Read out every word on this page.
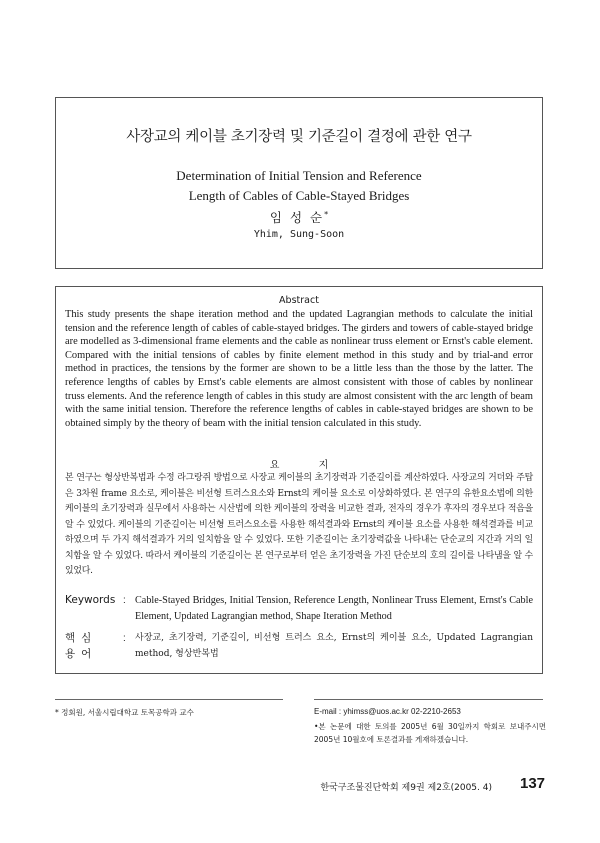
사장교의 케이블 초기장력 및 기준길이 결정에 관한 연구
Determination of Initial Tension and Reference
Length of Cables of Cable-Stayed Bridges
임 성 순*
Yhim, Sung-Soon
Abstract

This study presents the shape iteration method and the updated Lagrangian methods to calculate the initial tension and the reference length of cables of cable-stayed bridges. The girders and towers of cable-stayed bridge are modelled as 3-dimensional frame elements and the cable as nonlinear truss element or Ernst's cable element. Compared with the initial tensions of cables by finite element method in this study and by trial-and error method in practices, the tensions by the former are shown to be a little less than the those by the latter. The reference lengths of cables by Ernst's cable elements are almost consistent with those of cables by nonlinear truss elements. And the reference length of cables in this study are almost consistent with the arc length of beam with the same initial tension. Therefore the reference lengths of cables in cable-stayed bridges are shown to be obtained simply by the theory of beam with the initial tension calculated in this study.

요 지

본 연구는 형상반복법과 수정 라그랑쥐 방법으로 사장교 케이블의 초기장력과 기준길이를 계산하였다. 사장교의 거더와 주탑은 3차원 frame 요소로, 케이블은 비선형 트러스요소와 Ernst의 케이블 요소로 이상화하였다. 본 연구의 유한요소법에 의한 케이블의 초기장력과 실무에서 사용하는 시산법에 의한 케이블의 장력을 비교한 결과, 전자의 경우가 후자의 경우보다 적음을 알 수 있었다. 케이블의 기준길이는 비선형 트러스요소를 사용한 해석결과와 Ernst의 케이블 요소를 사용한 해석결과를 비교하였으며 두 가지 해석결과가 거의 일치함을 알 수 있었다. 또한 기준길이는 초기장력값을 나타내는 단순교의 지간과 거의 일치함을 알 수 있었다. 따라서 케이블의 기준길이는 본 연구로부터 얻은 초기장력을 가진 단순보의 호의 길이를 나타냄을 알 수 있었다.

Keywords : Cable-Stayed Bridges, Initial Tension, Reference Length, Nonlinear Truss Element, Ernst's Cable Element, Updated Lagrangian method, Shape Iteration Method
핵심 용어
: 사장교, 초기장력, 기준길이, 비선형 트러스 요소, Ernst의 케이블 요소, Updated Lagrangian method, 형상반복법
* 정회원, 서울시립대학교 토목공학과 교수	E-mail : yhimss@uos.ac.kr 02-2210-2653
•본 논문에 대한 토의를 2005년 6월 30일까지 학회로 보내주시면 2005년 10월호에 토론결과를 게재하겠습니다.
한국구조물진단학회 제9권 제2호(2005. 4) 137
